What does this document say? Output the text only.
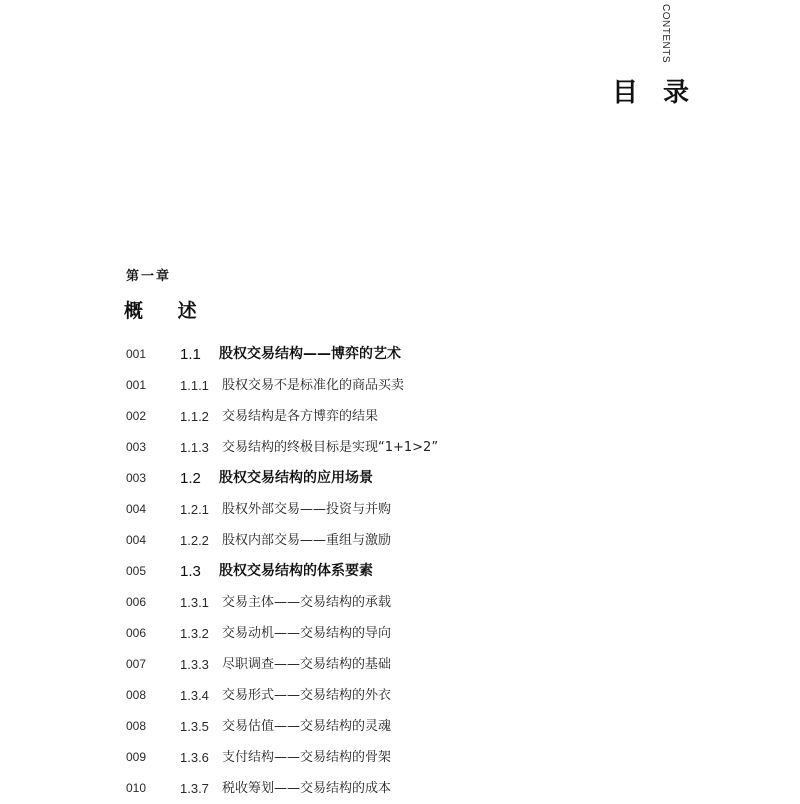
CONTENTS
目 录
第一章
概 述
001 1.1 股权交易结构——博弈的艺术
001	1.1.1 股权交易不是标准化的商品买卖
002	1.1.2 交易结构是各方博弈的结果
003	1.1.3 交易结构的终极目标是实现“1+1>2”
003 1.2 股权交易结构的应用场景
004	1.2.1 股权外部交易——投资与并购
004	1.2.2 股权内部交易——重组与激励
005 1.3 股权交易结构的体系要素
006	1.3.1 交易主体——交易结构的承载
006	1.3.2 交易动机——交易结构的导向
007	1.3.3 尽职调查——交易结构的基础
008	1.3.4 交易形式——交易结构的外衣
008	1.3.5 交易估值——交易结构的灵魂
009	1.3.6 支付结构——交易结构的骨架
010	1.3.7 税收筹划——交易结构的成本
